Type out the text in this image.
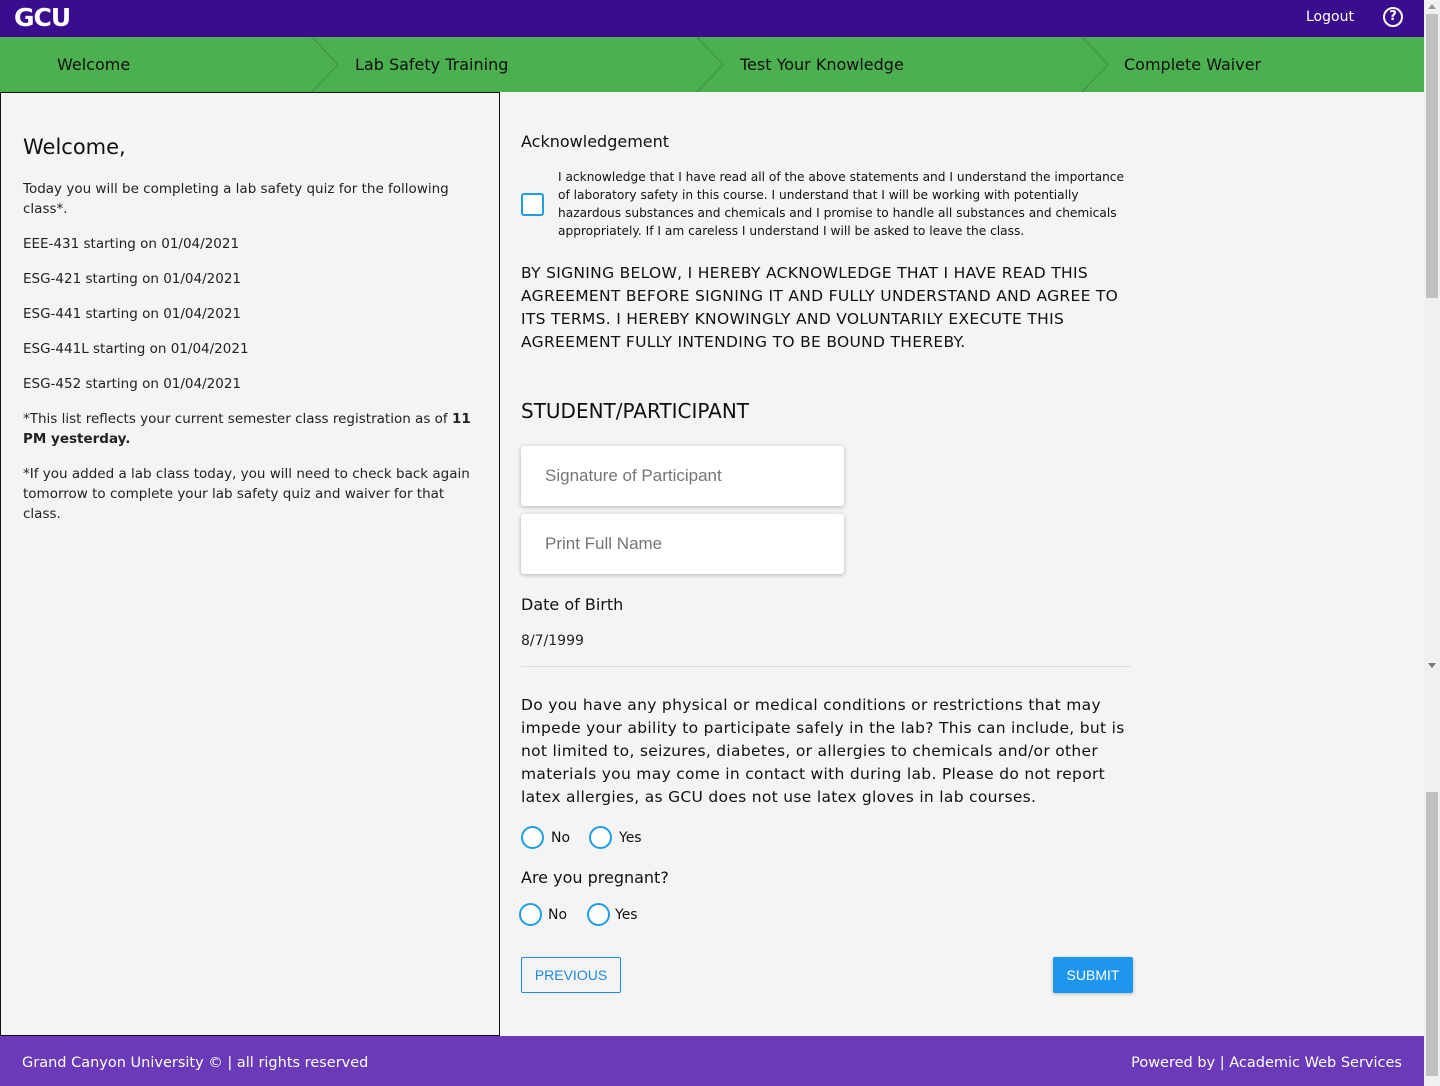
GCU	Logout	?
Welcome	Lab Safety Training	Test Your Knowledge	Complete Waiver
Welcome,

Today you will be completing a lab safety quiz for the following class*.

EEE-431 starting on 01/04/2021

ESG-421 starting on 01/04/2021

ESG-441 starting on 01/04/2021

ESG-441L starting on 01/04/2021

ESG-452 starting on 01/04/2021

*This list reflects your current semester class registration as of 11 PM yesterday.

*If you added a lab class today, you will need to check back again tomorrow to complete your lab safety quiz and waiver for that class.

Acknowledgement
I acknowledge that I have read all of the above statements and I understand the importance of laboratory safety in this course. I understand that I will be working with potentially hazardous substances and chemicals and I promise to handle all substances and chemicals appropriately. If I am careless I understand I will be asked to leave the class.
BY SIGNING BELOW, I HEREBY ACKNOWLEDGE THAT I HAVE READ THIS AGREEMENT BEFORE SIGNING IT AND FULLY UNDERSTAND AND AGREE TO ITS TERMS. I HEREBY KNOWINGLY AND VOLUNTARILY EXECUTE THIS AGREEMENT FULLY INTENDING TO BE BOUND THEREBY.
STUDENT/PARTICIPANT
Signature of Participant
Print Full Name
Date of Birth
8/7/1999
Do you have any physical or medical conditions or restrictions that may impede your ability to participate safely in the lab? This can include, but is not limited to, seizures, diabetes, or allergies to chemicals and/or other materials you may come in contact with during lab. Please do not report latex allergies, as GCU does not use latex gloves in lab courses.
No	Yes
Are you pregnant?
No	Yes
PREVIOUS	SUBMIT
Grand Canyon University © | all rights reserved	Powered by | Academic Web Services
